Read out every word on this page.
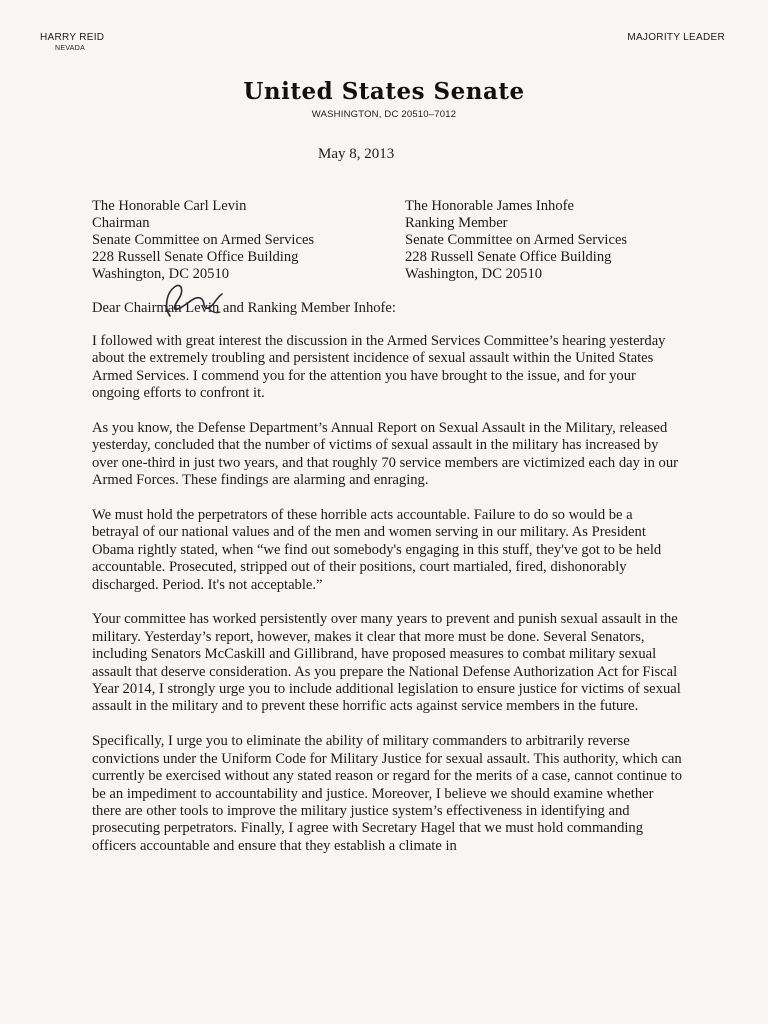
HARRY REID
NEVADA
MAJORITY LEADER
United States Senate
WASHINGTON, DC 20510–7012
May 8, 2013
The Honorable Carl Levin
Chairman
Senate Committee on Armed Services
228 Russell Senate Office Building
Washington, DC 20510
The Honorable James Inhofe
Ranking Member
Senate Committee on Armed Services
228 Russell Senate Office Building
Washington, DC 20510
Dear Chairman Levin and Ranking Member Inhofe:

I followed with great interest the discussion in the Armed Services Committee’s hearing yesterday about the extremely troubling and persistent incidence of sexual assault within the United States Armed Services. I commend you for the attention you have brought to the issue, and for your ongoing efforts to confront it.

As you know, the Defense Department’s Annual Report on Sexual Assault in the Military, released yesterday, concluded that the number of victims of sexual assault in the military has increased by over one-third in just two years, and that roughly 70 service members are victimized each day in our Armed Forces. These findings are alarming and enraging.

We must hold the perpetrators of these horrible acts accountable. Failure to do so would be a betrayal of our national values and of the men and women serving in our military. As President Obama rightly stated, when “we find out somebody's engaging in this stuff, they've got to be held accountable. Prosecuted, stripped out of their positions, court martialed, fired, dishonorably discharged. Period. It's not acceptable.”

Your committee has worked persistently over many years to prevent and punish sexual assault in the military. Yesterday’s report, however, makes it clear that more must be done. Several Senators, including Senators McCaskill and Gillibrand, have proposed measures to combat military sexual assault that deserve consideration. As you prepare the National Defense Authorization Act for Fiscal Year 2014, I strongly urge you to include additional legislation to ensure justice for victims of sexual assault in the military and to prevent these horrific acts against service members in the future.

Specifically, I urge you to eliminate the ability of military commanders to arbitrarily reverse convictions under the Uniform Code for Military Justice for sexual assault. This authority, which can currently be exercised without any stated reason or regard for the merits of a case, cannot continue to be an impediment to accountability and justice. Moreover, I believe we should examine whether there are other tools to improve the military justice system’s effectiveness in identifying and prosecuting perpetrators. Finally, I agree with Secretary Hagel that we must hold commanding officers accountable and ensure that they establish a climate in
